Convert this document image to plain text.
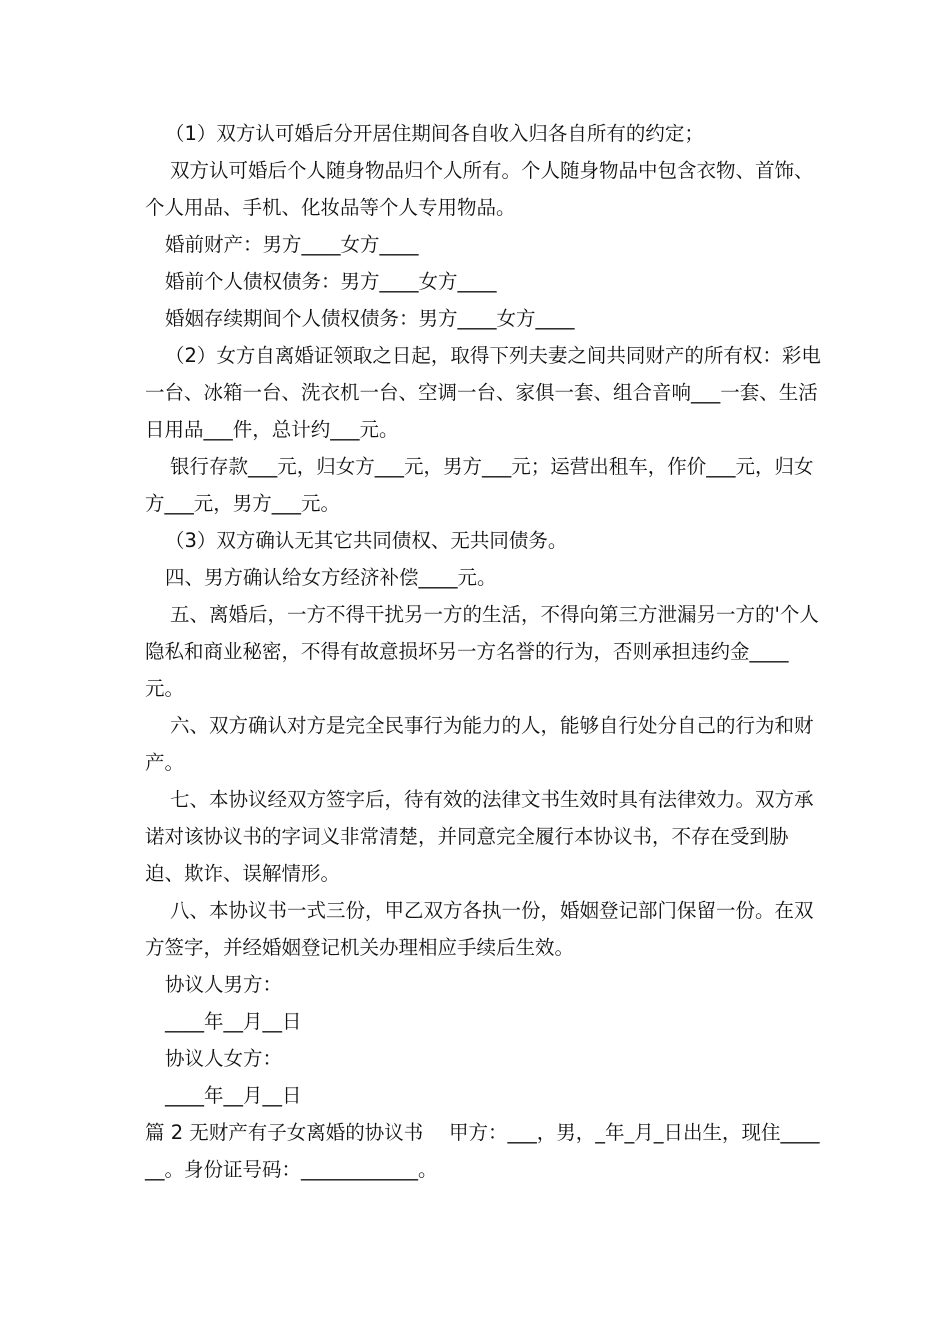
（1）双方认可婚后分开居住期间各自收入归各自所有的约定；

双方认可婚后个人随身物品归个人所有。个人随身物品中包含衣物、首饰、个人用品、手机、化妆品等个人专用物品。

婚前财产：男方____女方____

婚前个人债权债务：男方____女方____

婚姻存续期间个人债权债务：男方____女方____

（2）女方自离婚证领取之日起，取得下列夫妻之间共同财产的所有权：彩电一台、冰箱一台、洗衣机一台、空调一台、家俱一套、组合音响___一套、生活日用品___件，总计约___元。

银行存款___元，归女方___元，男方___元；运营出租车，作价___元，归女方___元，男方___元。

（3）双方确认无其它共同债权、无共同债务。

四、男方确认给女方经济补偿____元。

五、离婚后，一方不得干扰另一方的生活，不得向第三方泄漏另一方的'个人隐私和商业秘密，不得有故意损坏另一方名誉的行为，否则承担违约金____元。

六、双方确认对方是完全民事行为能力的人，能够自行处分自己的行为和财产。

七、本协议经双方签字后，待有效的法律文书生效时具有法律效力。双方承诺对该协议书的字词义非常清楚，并同意完全履行本协议书，不存在受到胁迫、欺诈、误解情形。

八、本协议书一式三份，甲乙双方各执一份，婚姻登记部门保留一份。在双方签字，并经婚姻登记机关办理相应手续后生效。

协议人男方：

____年__月__日

协议人女方：

____年__月__日

篇 2 无财产有子女离婚的协议书　 甲方：___，男，_年_月_日出生，现住______。身份证号码：____________。
